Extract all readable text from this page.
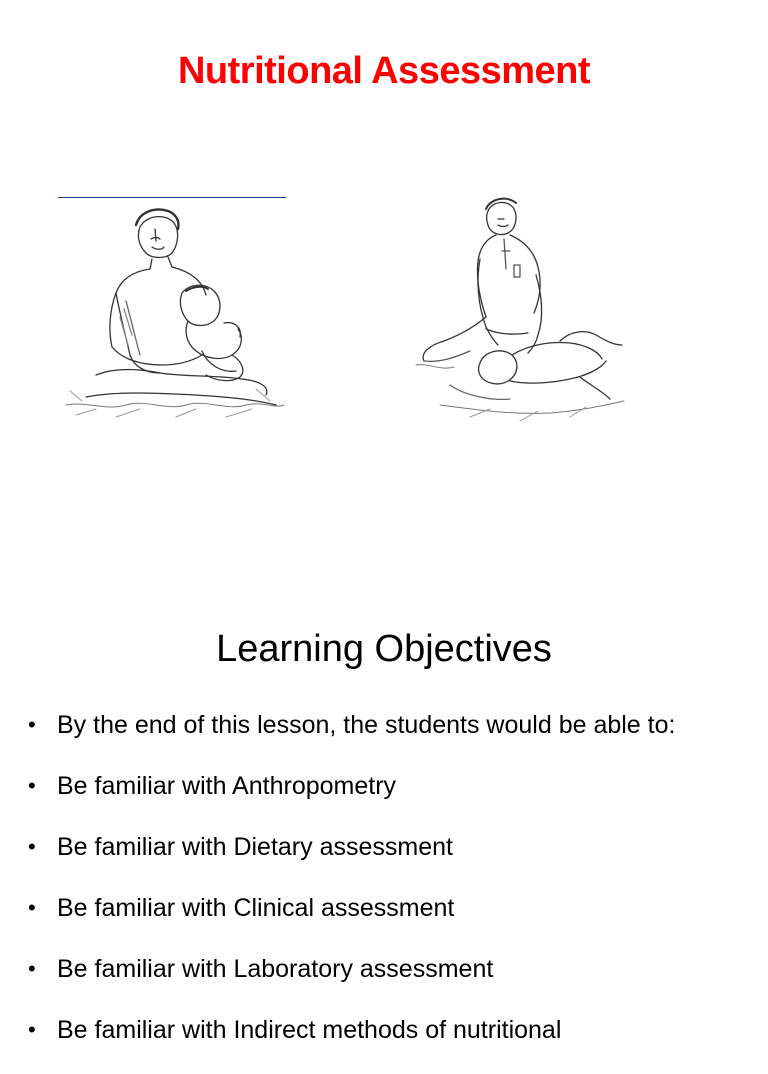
Nutritional Assessment
Learning Objectives
• By the end of this lesson, the students would be able to:
• Be familiar with Anthropometry
• Be familiar with Dietary assessment
• Be familiar with Clinical assessment
• Be familiar with Laboratory assessment
• Be familiar with Indirect methods of nutritional
